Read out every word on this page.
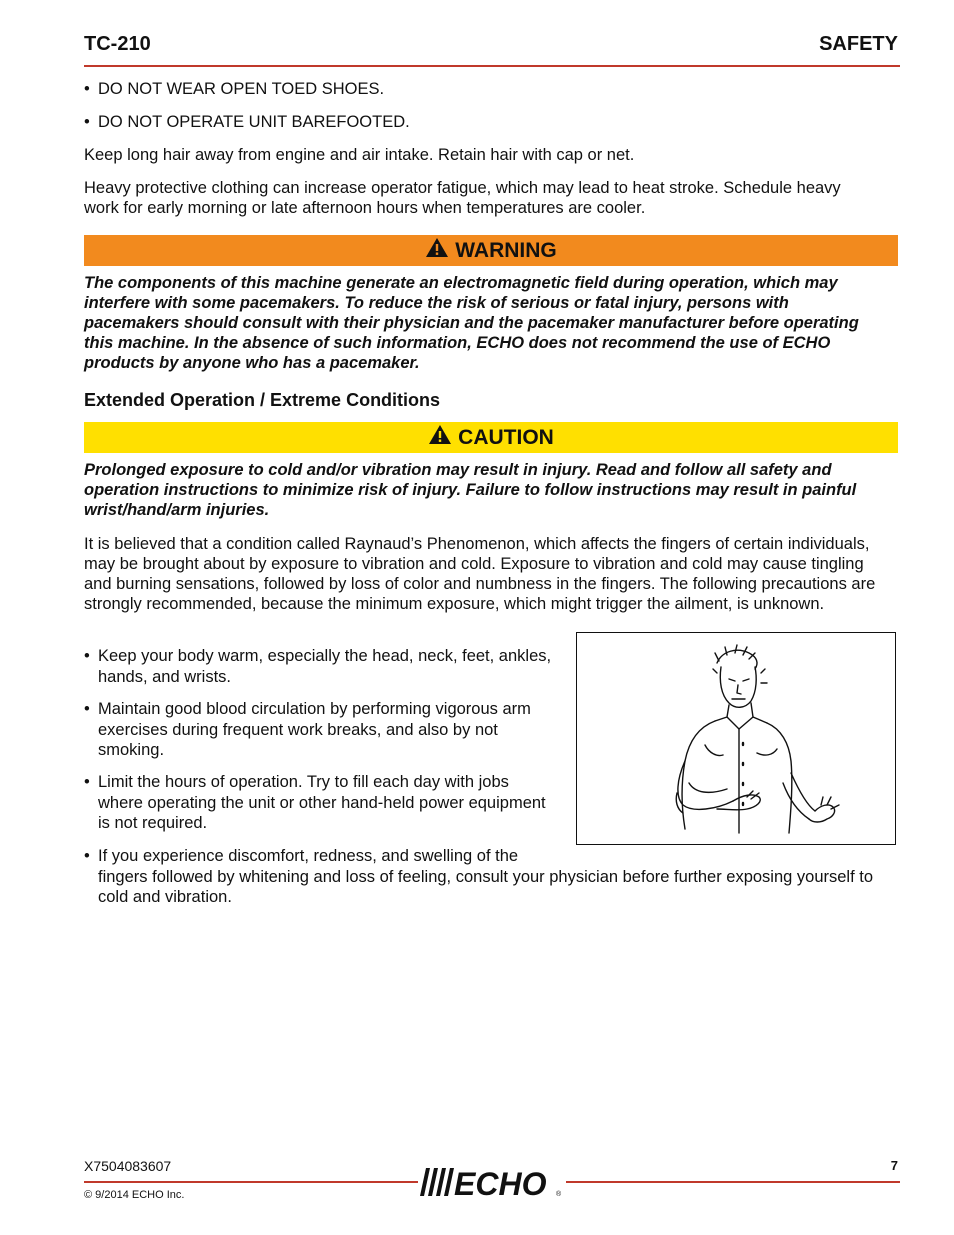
TC-210	SAFETY
• DO NOT WEAR OPEN TOED SHOES.
• DO NOT OPERATE UNIT BAREFOOTED.

Keep long hair away from engine and air intake. Retain hair with cap or net.

Heavy protective clothing can increase operator fatigue, which may lead to heat stroke. Schedule heavy

work for early morning or late afternoon hours when temperatures are cooler.

WARNING

The components of this machine generate an electromagnetic field during operation, which may

interfere with some pacemakers. To reduce the risk of serious or fatal injury, persons with

pacemakers should consult with their physician and the pacemaker manufacturer before operating

this machine. In the absence of such information, ECHO does not recommend the use of ECHO

products by anyone who has a pacemaker.

Extended Operation / Extreme Conditions

CAUTION

Prolonged exposure to cold and/or vibration may result in injury. Read and follow all safety and

operation instructions to minimize risk of injury. Failure to follow instructions may result in painful

wrist/hand/arm injuries.

It is believed that a condition called Raynaud’s Phenomenon, which affects the fingers of certain individuals,

may be brought about by exposure to vibration and cold. Exposure to vibration and cold may cause tingling

and burning sensations, followed by loss of color and numbness in the fingers. The following precautions are

strongly recommended, because the minimum exposure, which might trigger the ailment, is unknown.

• Keep your body warm, especially the head, neck, feet, ankles,
hands, and wrists.
• Maintain good blood circulation by performing vigorous arm
exercises during frequent work breaks, and also by not
smoking.
• Limit the hours of operation. Try to fill each day with jobs
where operating the unit or other hand-held power equipment
is not required.
• If you experience discomfort, redness, and swelling of the
fingers followed by whitening and loss of feeling, consult your physician before further exposing yourself to
cold and vibration.

X7504083607

© 9/2014 ECHO Inc.

7

ECHO ®
